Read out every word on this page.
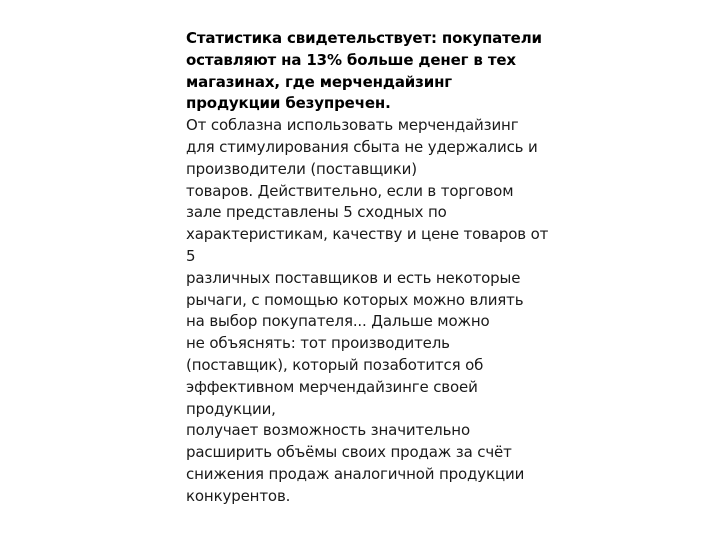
Статистика свидетельствует: покупатели
оставляют на 13% больше денег в тех
магазинах, где мерчендайзинг
продукции безупречен.
От соблазна использовать мерчендайзинг
для стимулирования сбыта не удержались и
производители (поставщики)
товаров. Действительно, если в торговом
зале представлены 5 сходных по
характеристикам, качеству и цене товаров от
5
различных поставщиков и есть некоторые
рычаги, с помощью которых можно влиять
на выбор покупателя... Дальше можно
не объяснять: тот производитель
(поставщик), который позаботится об
эффективном мерчендайзинге своей
продукции,
получает возможность значительно
расширить объёмы своих продаж за счёт
снижения продаж аналогичной продукции
конкурентов.
